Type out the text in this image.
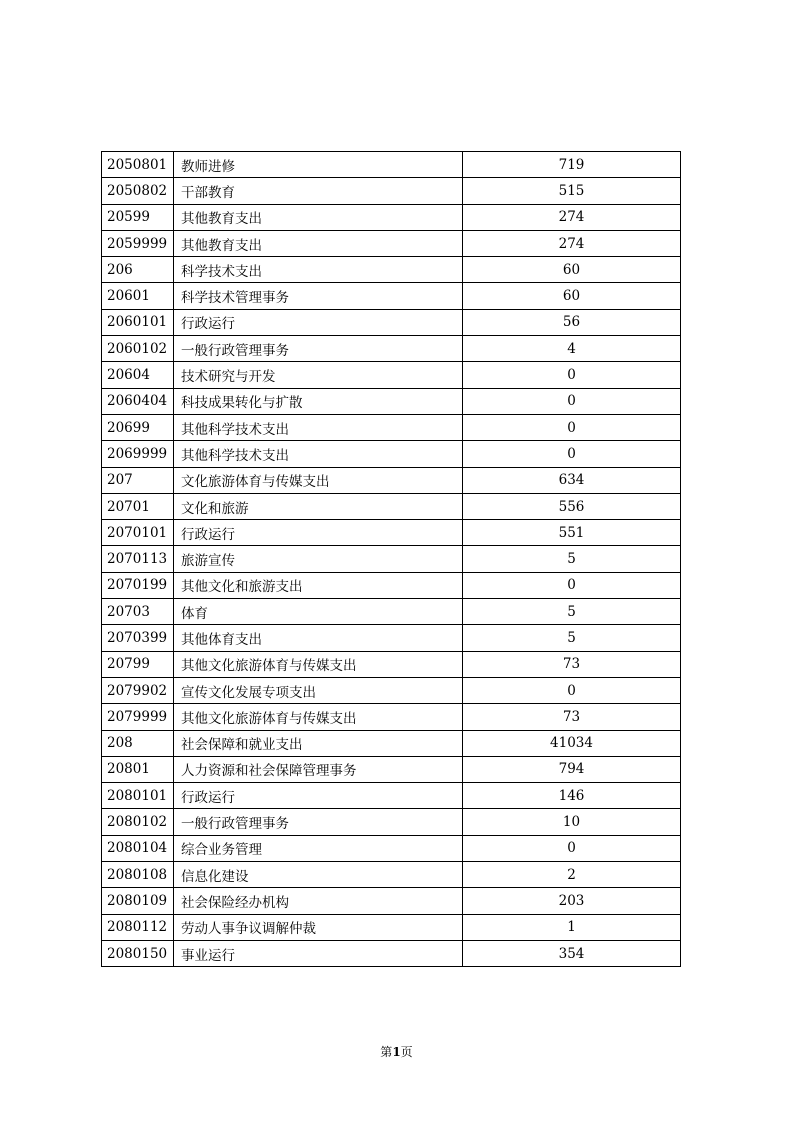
2050801	教师进修	719
2050802	干部教育	515
20599	其他教育支出	274
2059999	其他教育支出	274
206	科学技术支出	60
20601	科学技术管理事务	60
2060101	行政运行	56
2060102	一般行政管理事务	4
20604	技术研究与开发	0
2060404	科技成果转化与扩散	0
20699	其他科学技术支出	0
2069999	其他科学技术支出	0
207	文化旅游体育与传媒支出	634
20701	文化和旅游	556
2070101	行政运行	551
2070113	旅游宣传	5
2070199	其他文化和旅游支出	0
20703	体育	5
2070399	其他体育支出	5
20799	其他文化旅游体育与传媒支出	73
2079902	宣传文化发展专项支出	0
2079999	其他文化旅游体育与传媒支出	73
208	社会保障和就业支出	41034
20801	人力资源和社会保障管理事务	794
2080101	行政运行	146
2080102	一般行政管理事务	10
2080104	综合业务管理	0
2080108	信息化建设	2
2080109	社会保险经办机构	203
2080112	劳动人事争议调解仲裁	1
2080150	事业运行	354
第1页
